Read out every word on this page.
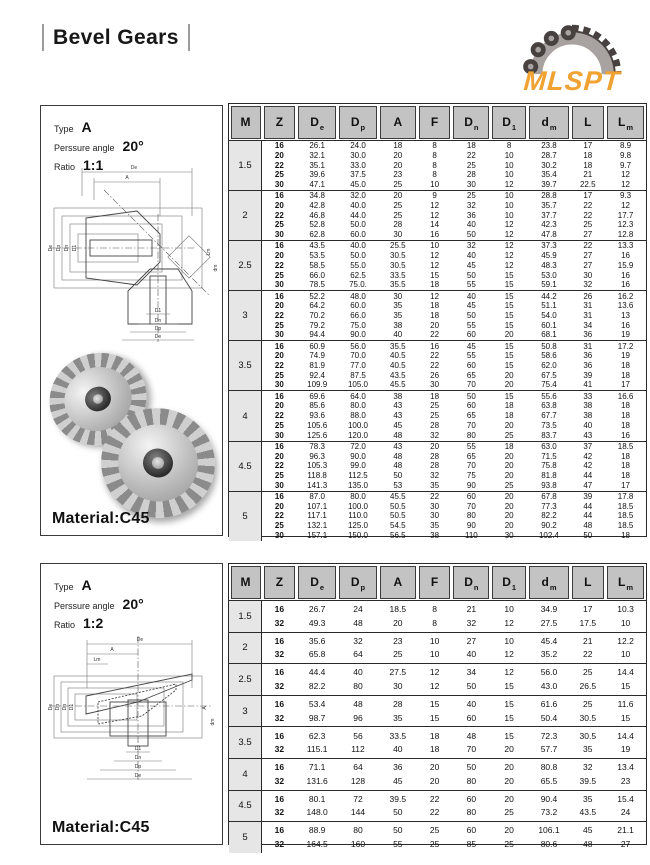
Bevel Gears
MLSPT
Type A
Perssure angle 20°
Ratio 1:1	De
A
De Dp Dn D1
Lm
dm
D1
Dn
Dp
De
Material:C45
M Z D e D p A F D n D 1 d m L L m
1.5
16	26.1	24.0	18	8	18	8	23.8	17	8.9
20	32.1	30.0	20	8	22	10	28.7	18	9.8
22	35.1	33.0	20	8	25	10	30.2	18	9.7
25	39.6	37.5	23	8	28	10	35.4	21	12
30	47.1	45.0	25	10	30	12	39.7	22.5	12
2
16	34.8	32.0	20	9	25	10	28.8	17	9.3
20	42.8	40.0	25	12	32	10	35.7	22	12
22	46.8	44.0	25	12	36	10	37.7	22	17.7
25	52.8	50.0	28	14	40	12	42.3	25	12.3
30	62.8	60.0	30	16	50	12	47.8	27	12.8
2.5
16	43.5	40.0	25.5	10	32	12	37.3	22	13.3
20	53.5	50.0	30.5	12	40	12	45.9	27	16
22	58.5	55.0	30.5	12	45	12	48.3	27	15.9
25	66.0	62.5	33.5	15	50	15	53.0	30	16
30	78.5	75.0.	35.5	18	55	15	59.1	32	16
3
16	52.2	48.0	30	12	40	15	44.2	26	16.2
20	64.2	60.0	35	18	45	15	51.1	31	13.6
22	70.2	66.0	35	18	50	15	54.0	31	13
25	79.2	75.0	38	20	55	15	60.1	34	16
30	94.4	90.0	40	22	60	20	68.1	36	19
3.5
16	60.9	56.0	35.5	16	45	15	50.8	31	17.2
20	74.9	70.0	40.5	22	55	15	58.6	36	19
22	81.9	77.0	40.5	22	60	15	62.0	36	18
25	92.4	87.5	43.5	26	65	20	67.5	39	18
30	109.9	105.0	45.5	30	70	20	75.4	41	17
4
16	69.6	64.0	38	18	50	15	55.6	33	16.6
20	85.6	80.0	43	25	60	18	63.8	38	18
22	93.6	88.0	43	25	65	18	67.7	38	18
25	105.6	100.0	45	28	70	20	73.5	40	18
30	125.6	120.0	48	32	80	25	83.7	43	16
4.5
16	78.3	72.0	43	20	55	18	63.0	37	18.5
20	96.3	90.0	48	28	65	20	71.5	42	18
22	105.3	99.0	48	28	70	20	75.8	42	18
25	118.8	112.5	50	32	75	20	81.8	44	18
30	141.3	135.0	53	35	90	25	93.8	47	17
5
16	87.0	80.0	45.5	22	60	20	67.8	39	17.8
20	107.1	100.0	50.5	30	70	20	77.3	44	18.5
22	117.1	110.0	50.5	30	80	20	82.2	44	18.5
25	132.1	125.0	54.5	35	90	20	90.2	48	18.5
30	157.1	150.0	56.5	38	110	30	102.4	50	18
Type A
Perssure angle 20°
Ratio 1:2
De
A
Lm
De Dp Dn D1	A
dm
D1
Dn
Dp
De
Material:C45
M Z D e D p A F D n D 1 d m L L m
1.5
16	26.7	24	18.5	8	21	10	34.9	17	10.3
32	49.3	48	20	8	32	12	27.5	17.5	10
2
16	35.6	32	23	10	27	10	45.4	21	12.2
32	65.8	64	25	10	40	12	35.2	22	10
2.5
16	44.4	40	27.5	12	34	12	56.0	25	14.4
32	82.2	80	30	12	50	15	43.0	26.5	15
3
16	53.4	48	28	15	40	15	61.6	25	11.6
32	98.7	96	35	15	60	15	50.4	30.5	15
3.5
16	62.3	56	33.5	18	48	15	72.3	30.5	14.4
32	115.1	112	40	18	70	20	57.7	35	19
4
16	71.1	64	36	20	50	20	80.8	32	13.4
32	131.6	128	45	20	80	20	65.5	39.5	23
4.5
16	80.1	72	39.5	22	60	20	90.4	35	15.4
32	148.0	144	50	22	80	25	73.2	43.5	24
5
16	88.9	80	50	25	60	20	106.1	45	21.1
32	164.5	160	55	25	85	25	80.6	48	27
